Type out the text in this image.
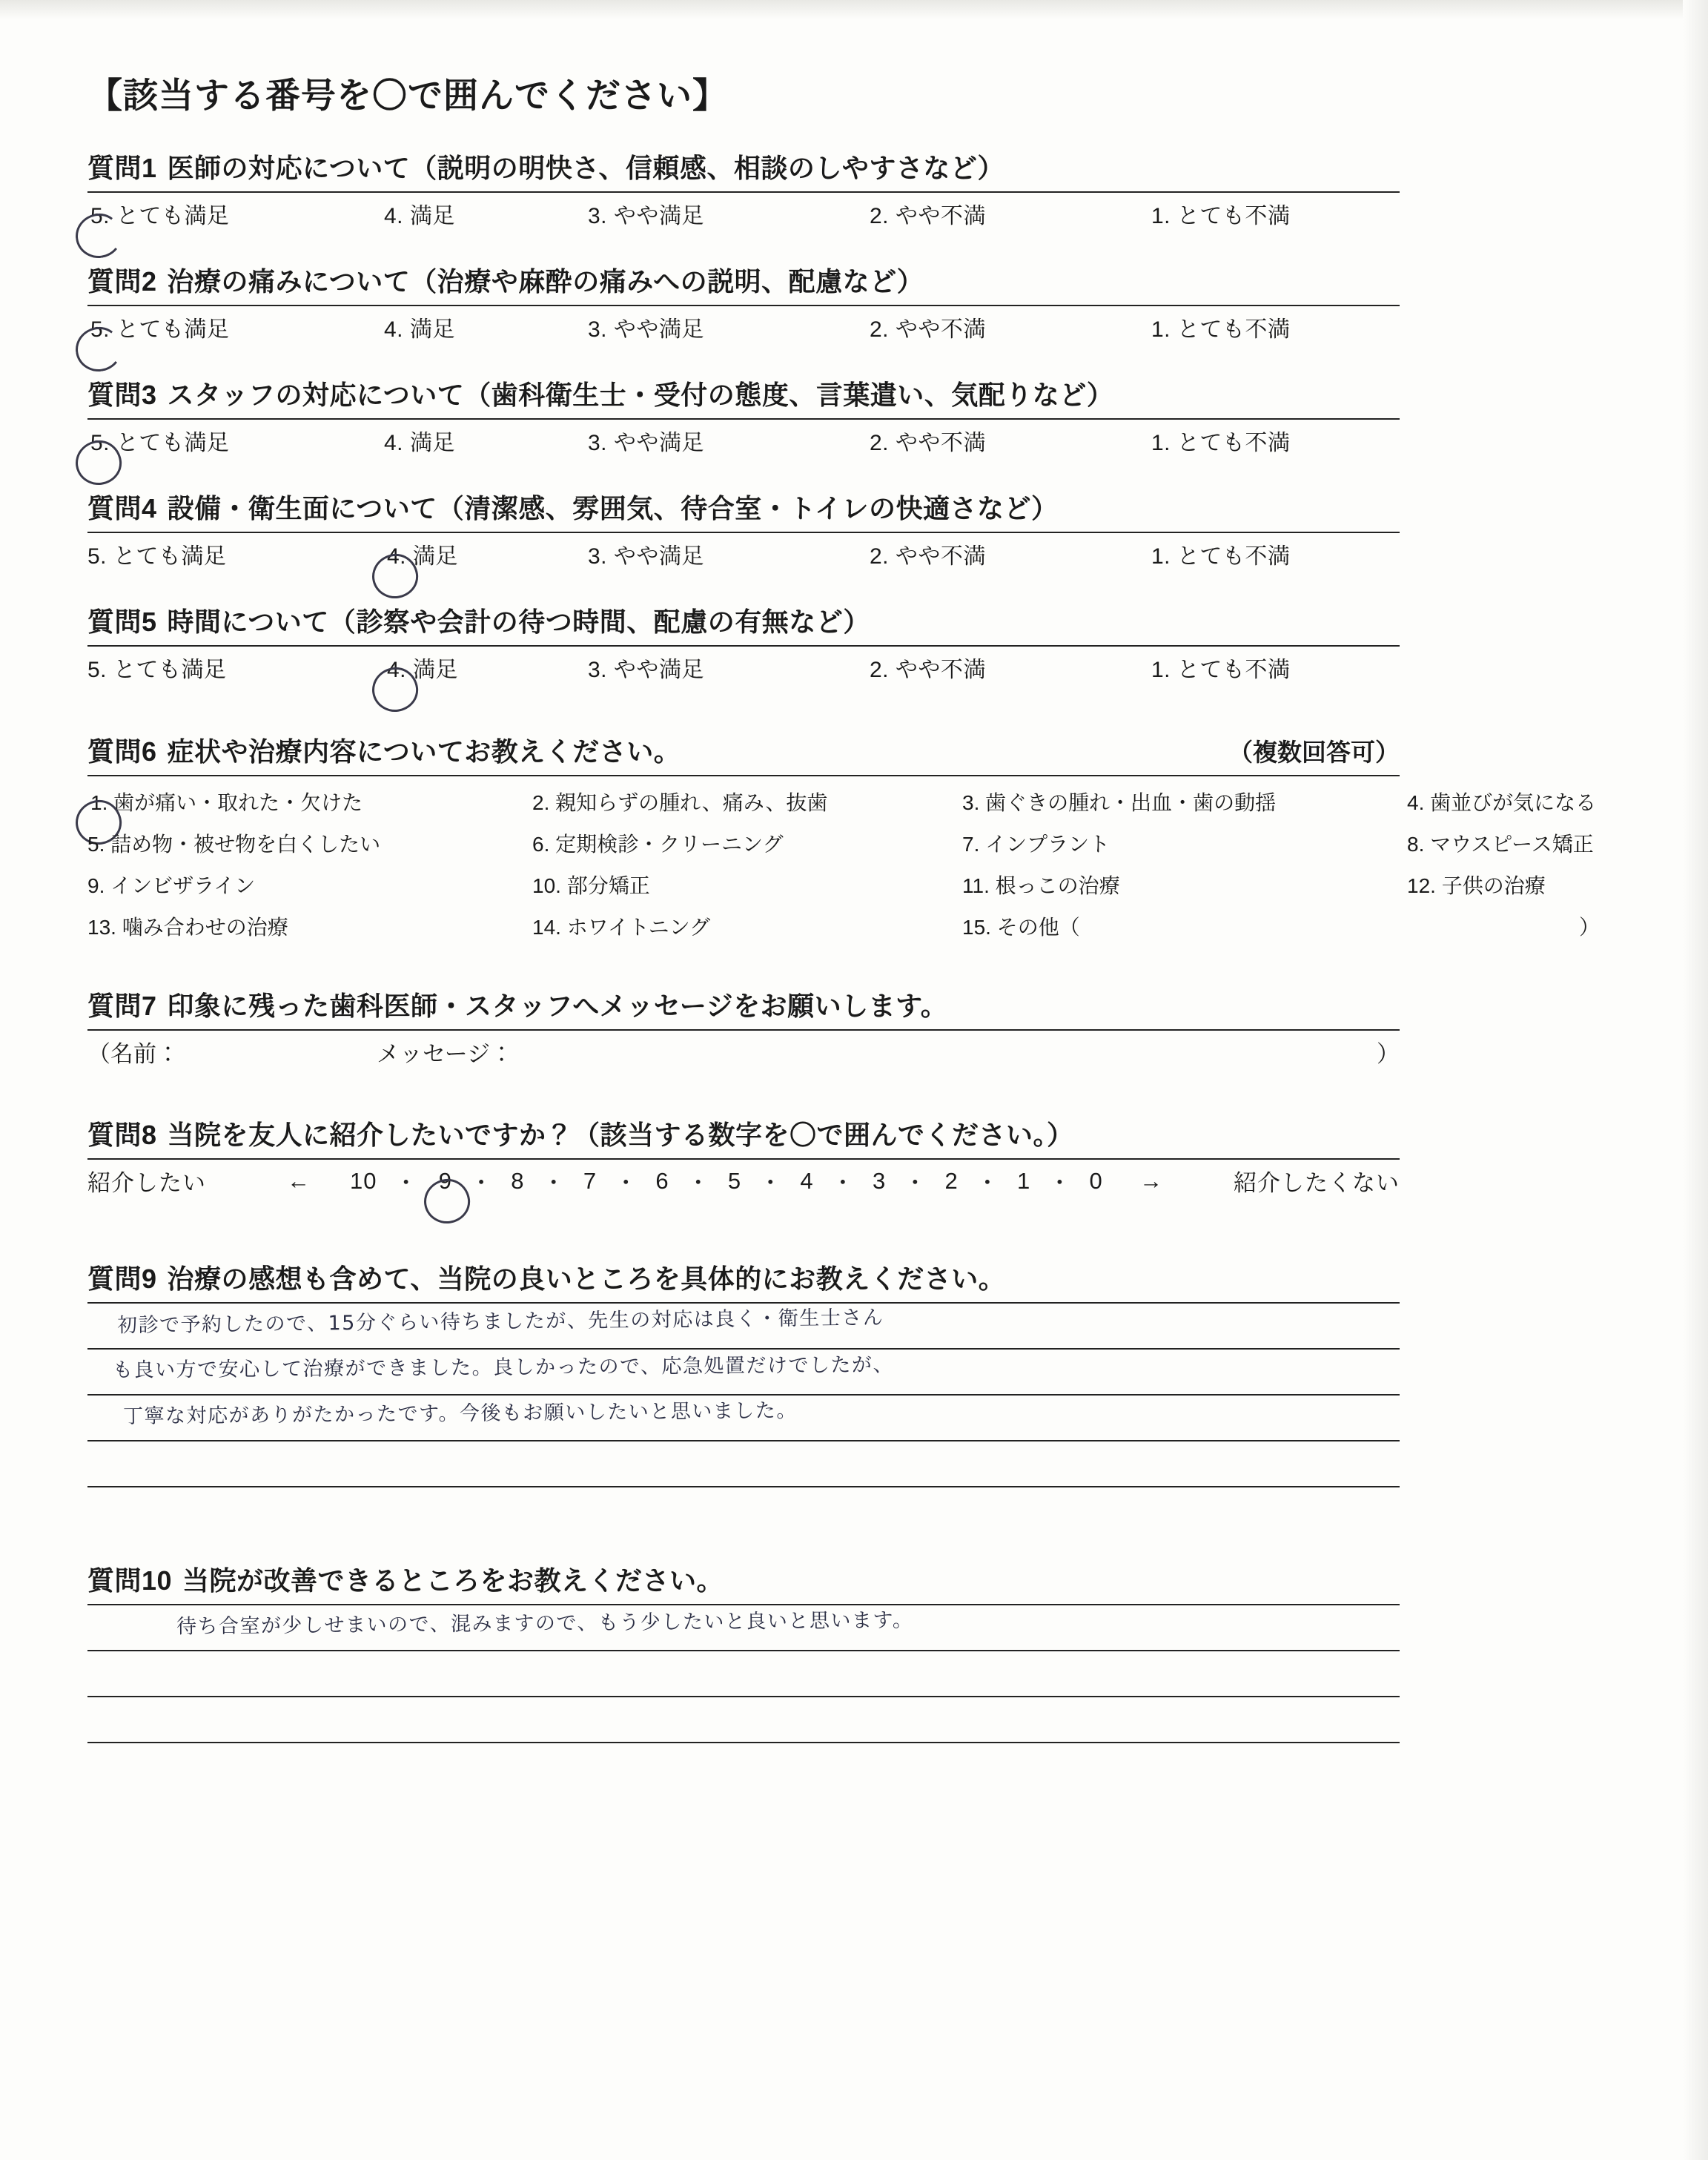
【該当する番号を〇で囲んでください】
質問1 医師の対応について（説明の明快さ、信頼感、相談のしやすさなど）
5. とても満足	4. 満足	3. やや満足	2. やや不満	1. とても不満
質問2 治療の痛みについて（治療や麻酔の痛みへの説明、配慮など）
5. とても満足	4. 満足	3. やや満足	2. やや不満	1. とても不満
質問3 スタッフの対応について（歯科衛生士・受付の態度、言葉遣い、気配りなど）
5. とても満足	4. 満足	3. やや満足	2. やや不満	1. とても不満
質問4 設備・衛生面について（清潔感、雰囲気、待合室・トイレの快適さなど）
5. とても満足	4. 満足	3. やや満足	2. やや不満	1. とても不満
質問5 時間について（診察や会計の待つ時間、配慮の有無など）
5. とても満足	4. 満足	3. やや満足	2. やや不満	1. とても不満
質問6 症状や治療内容についてお教えください。	（複数回答可）
1. 歯が痛い・取れた・欠けた	2. 親知らずの腫れ、痛み、抜歯	3. 歯ぐきの腫れ・出血・歯の動揺	4. 歯並びが気になる
5. 詰め物・被せ物を白くしたい	6. 定期検診・クリーニング	7. インプラント	8. マウスピース矯正
9. インビザライン	10. 部分矯正	11. 根っこの治療	12. 子供の治療
13. 噛み合わせの治療	14. ホワイトニング	15. その他（	）
質問7 印象に残った歯科医師・スタッフへメッセージをお願いします。
（名前：	メッセージ：	）
質問8 当院を友人に紹介したいですか？（該当する数字を〇で囲んでください。）
紹介したい	←	10 ・ 9 ・ 8 ・ 7 ・ 6 ・ 5 ・ 4 ・ 3 ・ 2 ・ 1 ・ 0	→	紹介したくない
質問9 治療の感想も含めて、当院の良いところを具体的にお教えください。
初診で予約したので、15分ぐらい待ちましたが、先生の対応は良く・衛生士さん
も良い方で安心して治療ができました。良しかったので、応急処置だけでしたが、
丁寧な対応がありがたかったです。今後もお願いしたいと思いました。
質問10 当院が改善できるところをお教えください。
待ち合室が少しせまいので、混みますので、もう少したいと良いと思います。
